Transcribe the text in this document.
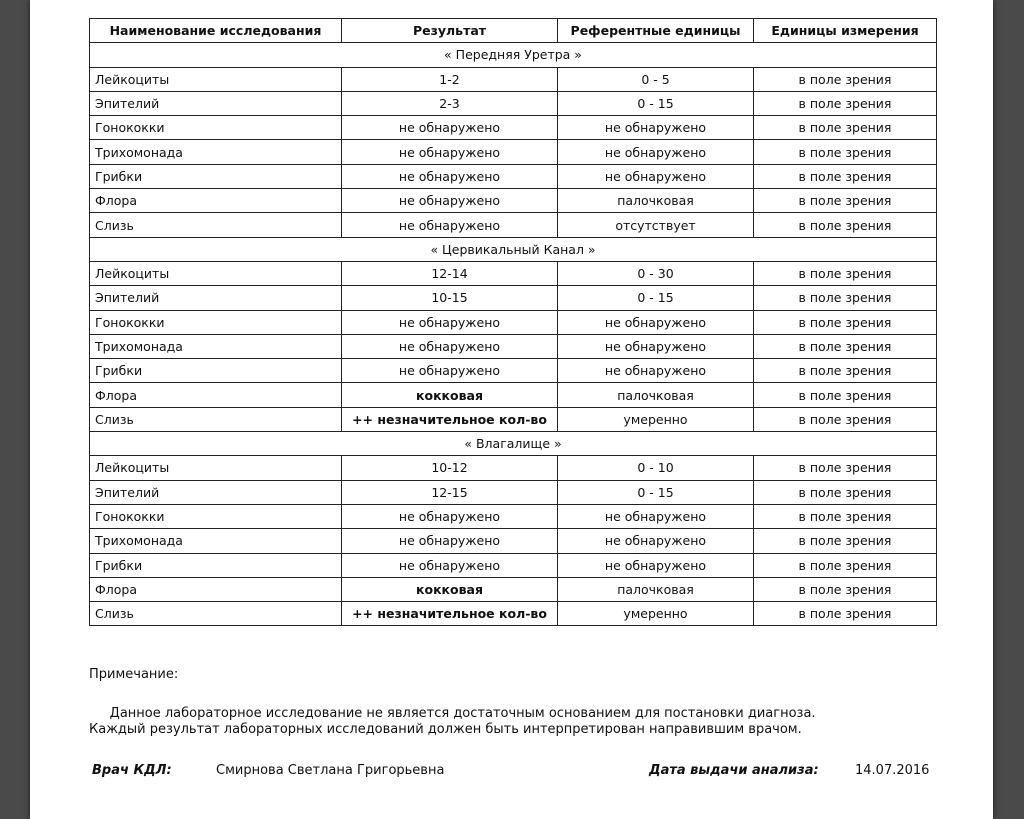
Наименование исследования	Результат	Референтные единицы	Единицы измерения
« Передняя Уретра »			
Лейкоциты	1-2	0 - 5	в поле зрения
Эпителий	2-3	0 - 15	в поле зрения
Гонококки	не обнаружено	не обнаружено	в поле зрения
Трихомонада	не обнаружено	не обнаружено	в поле зрения
Грибки	не обнаружено	не обнаружено	в поле зрения
Флора	не обнаружено	палочковая	в поле зрения
Слизь	не обнаружено	отсутствует	в поле зрения
« Цервикальный Канал »			
Лейкоциты	12-14	0 - 30	в поле зрения
Эпителий	10-15	0 - 15	в поле зрения
Гонококки	не обнаружено	не обнаружено	в поле зрения
Трихомонада	не обнаружено	не обнаружено	в поле зрения
Грибки	не обнаружено	не обнаружено	в поле зрения
Флора	кокковая	палочковая	в поле зрения
Слизь	++ незначительное кол-во	умеренно	в поле зрения
« Влагалище »			
Лейкоциты	10-12	0 - 10	в поле зрения
Эпителий	12-15	0 - 15	в поле зрения
Гонококки	не обнаружено	не обнаружено	в поле зрения
Трихомонада	не обнаружено	не обнаружено	в поле зрения
Грибки	не обнаружено	не обнаружено	в поле зрения
Флора	кокковая	палочковая	в поле зрения
Слизь	++ незначительное кол-во	умеренно	в поле зрения
Примечание:
Данное лабораторное исследование не является достаточным основанием для постановки диагноза. Каждый результат лабораторных исследований должен быть интерпретирован направившим врачом.
Врач КДЛ:	Смирнова Светлана Григорьевна	Дата выдачи анализа:	14.07.2016
